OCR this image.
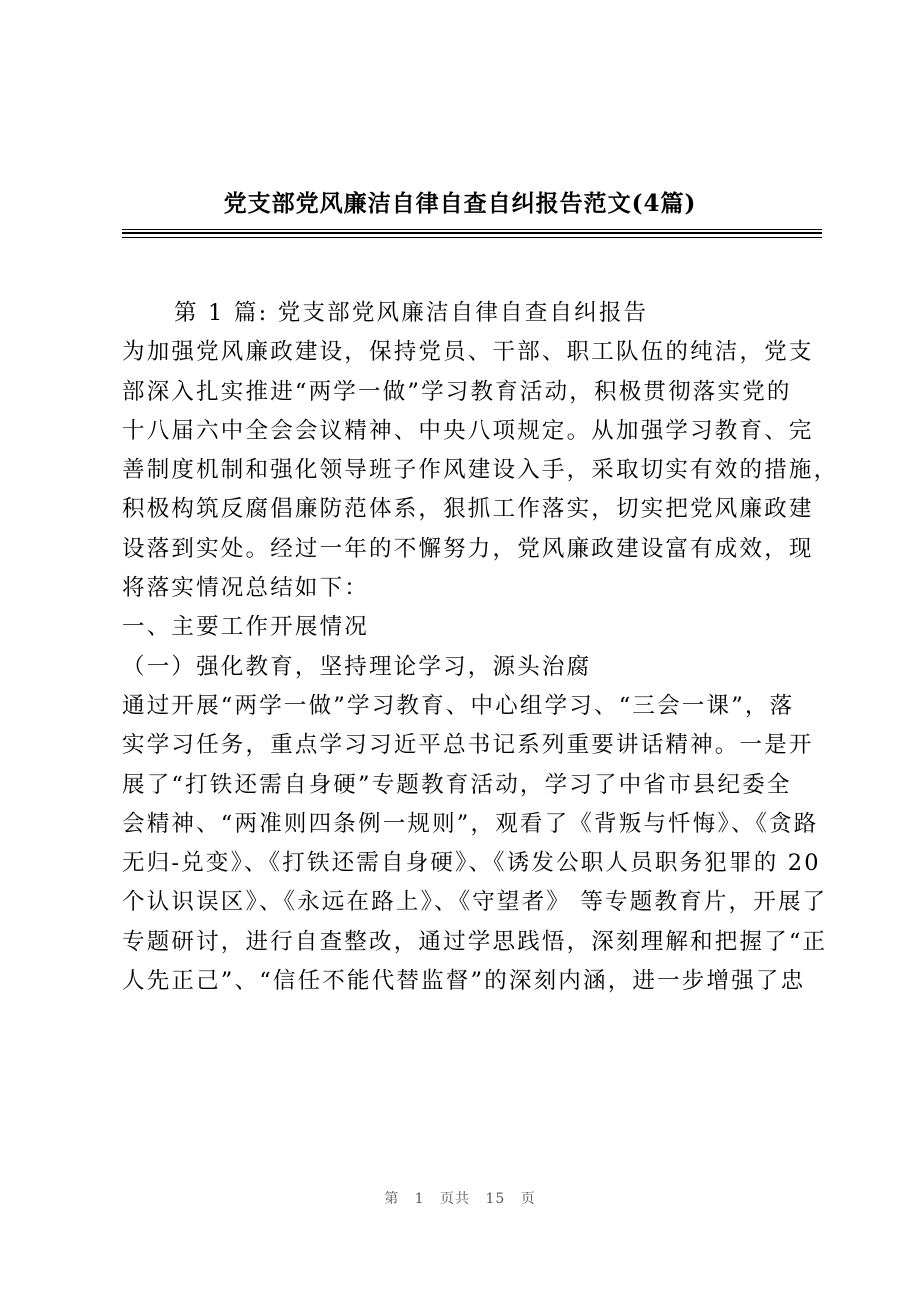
党支部党风廉洁自律自查自纠报告范文(4篇)

第 1 篇: 党支部党风廉洁自律自查自纠报告

为加强党风廉政建设，保持党员、干部、职工队伍的纯洁，党支
部深入扎实推进“两学一做”学习教育活动，积极贯彻落实党的
十八届六中全会会议精神、中央八项规定。从加强学习教育、完
善制度机制和强化领导班子作风建设入手，采取切实有效的措施，
积极构筑反腐倡廉防范体系，狠抓工作落实，切实把党风廉政建
设落到实处。经过一年的不懈努力，党风廉政建设富有成效，现
将落实情况总结如下：

一、主要工作开展情况

（一）强化教育，坚持理论学习，源头治腐

通过开展“两学一做”学习教育、中心组学习、“三会一课”，落
实学习任务，重点学习习近平总书记系列重要讲话精神。一是开
展了“打铁还需自身硬”专题教育活动，学习了中省市县纪委全
会精神、“两准则四条例一规则”，观看了《背叛与忏悔》、《贪路
无归-兑变》、《打铁还需自身硬》、《诱发公职人员职务犯罪的 20
个认识误区》、《永远在路上》、《守望者》 等专题教育片，开展了
专题研讨，进行自查整改，通过学思践悟，深刻理解和把握了“正
人先正己”、“信任不能代替监督”的深刻内涵，进一步增强了忠

第 1 页共 15 页
